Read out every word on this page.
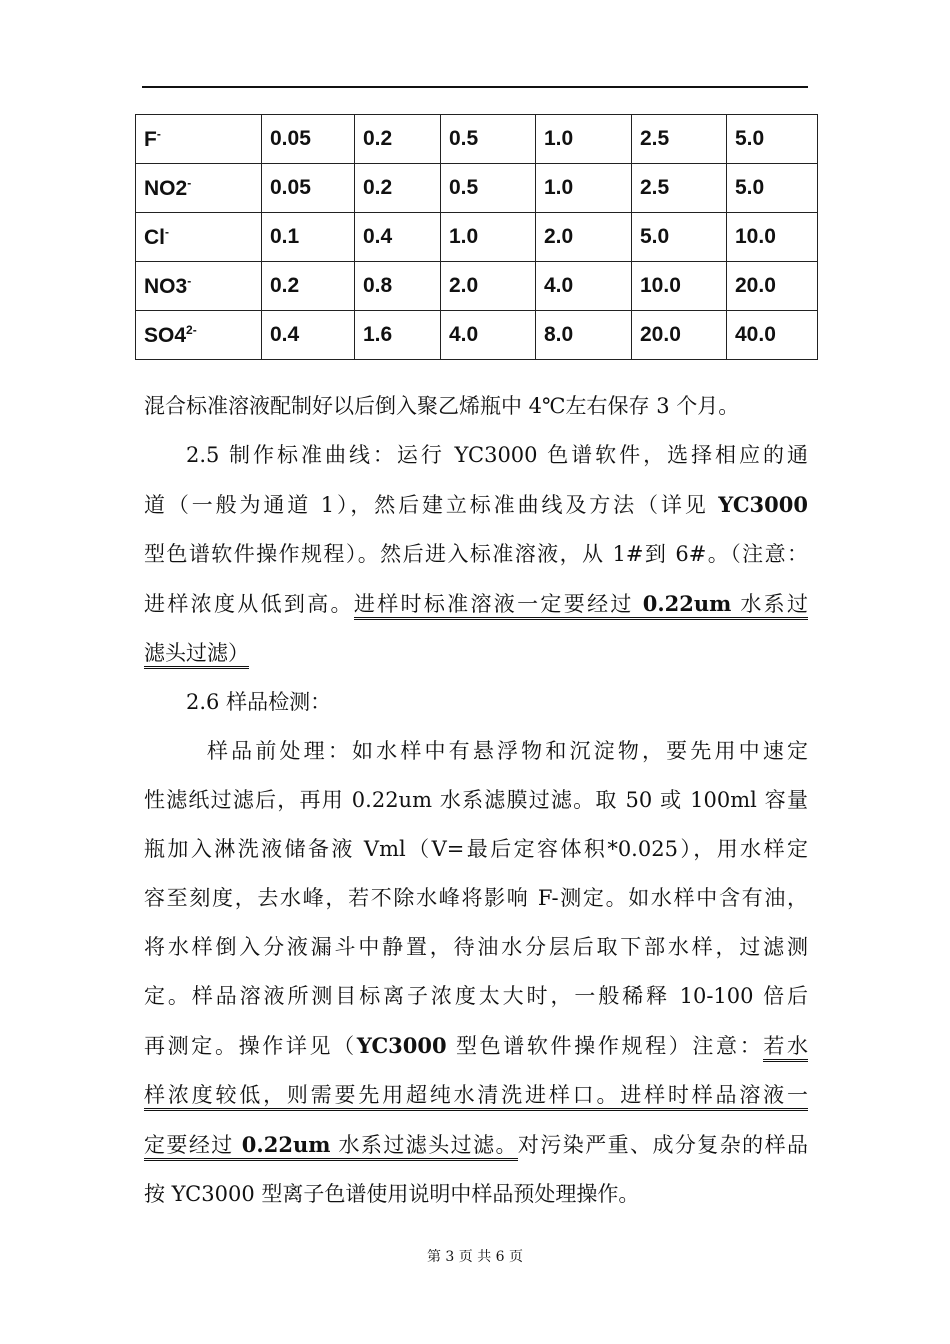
F-	0.05	0.2	0.5	1.0	2.5	5.0
NO2-	0.05	0.2	0.5	1.0	2.5	5.0
Cl-	0.1	0.4	1.0	2.0	5.0	10.0
NO3-	0.2	0.8	2.0	4.0	10.0	20.0
$SO4^{2-}$	0.4	1.6	4.0	8.0	20.0	40.0
混合标准溶液配制好以后倒入聚乙烯瓶中 4℃左右保存 3 个月。
2.5 制作标准曲线：运行 YC3000 色谱软件，选择相应的通
道（一般为通道 1），然后建立标准曲线及方法（详见 YC3000
型色谱软件操作规程）。然后进入标准溶液，从 1#到 6#。（注意：
进样浓度从低到高。进样时标准溶液一定要经过 0.22um 水系过
滤头过滤）
2.6 样品检测：
样品前处理：如水样中有悬浮物和沉淀物，要先用中速定
性滤纸过滤后，再用 0.22um 水系滤膜过滤。取 50 或 100ml 容量
瓶加入淋洗液储备液 Vml（V=最后定容体积*0.025），用水样定
容至刻度，去水峰，若不除水峰将影响 F-测定。如水样中含有油，
将水样倒入分液漏斗中静置，待油水分层后取下部水样，过滤测
定。样品溶液所测目标离子浓度太大时，一般稀释 10-100 倍后
再测定。操作详见（YC3000 型色谱软件操作规程）注意：若水
样浓度较低，则需要先用超纯水清洗进样口。进样时样品溶液一
定要经过 0.22um 水系过滤头过滤。对污染严重、成分复杂的样品
按 YC3000 型离子色谱使用说明中样品预处理操作。
第 3 页 共 6 页
